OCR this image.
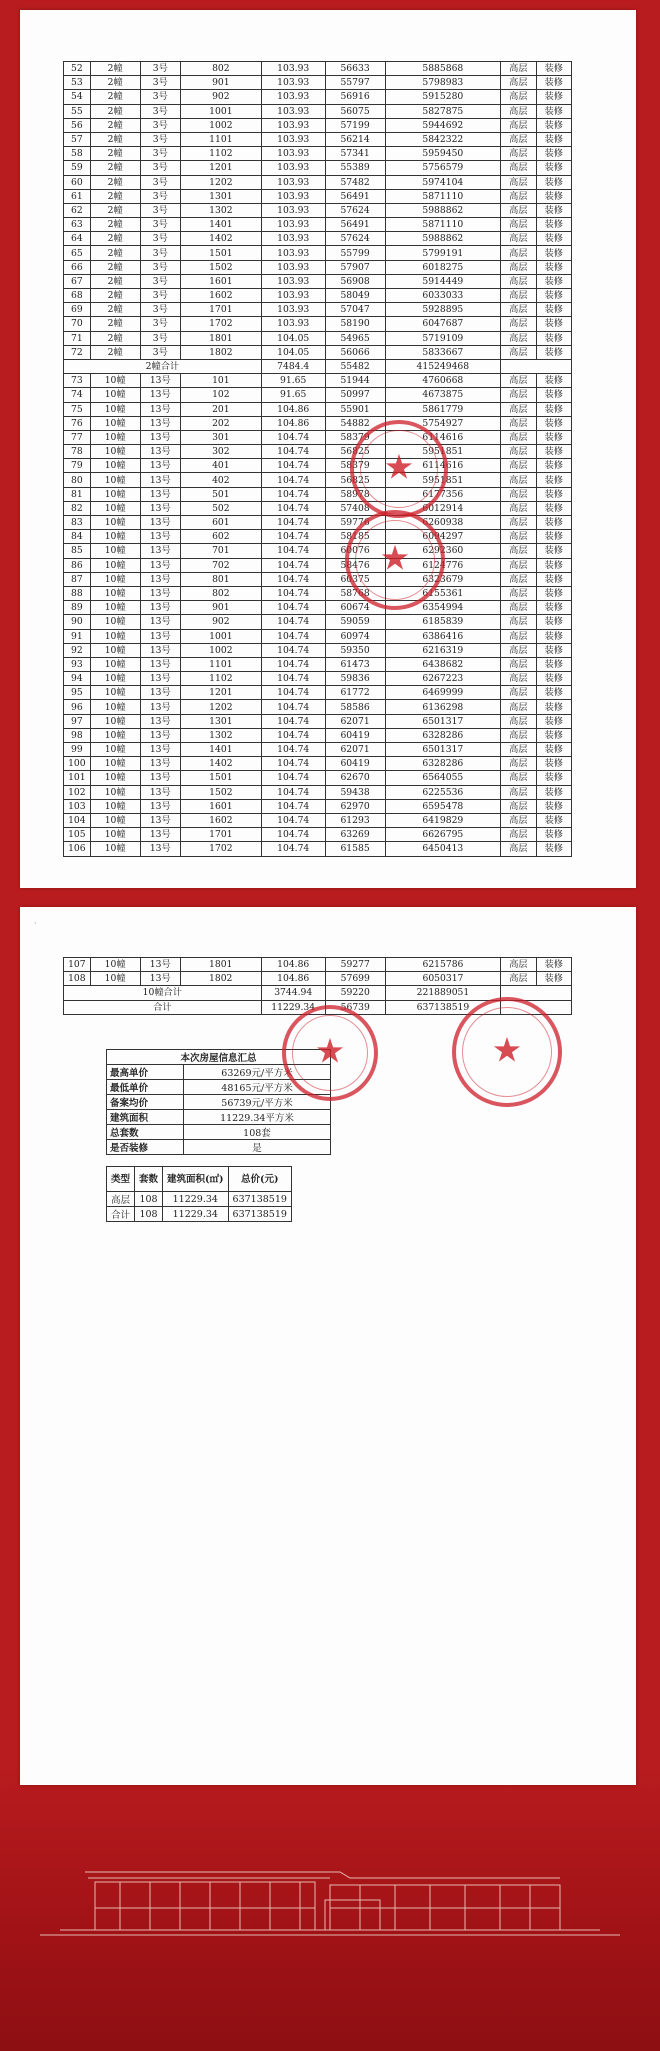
52	2幢	3号	802	103.93	56633	5885868	高层	装修
53	2幢	3号	901	103.93	55797	5798983	高层	装修
54	2幢	3号	902	103.93	56916	5915280	高层	装修
55	2幢	3号	1001	103.93	56075	5827875	高层	装修
56	2幢	3号	1002	103.93	57199	5944692	高层	装修
57	2幢	3号	1101	103.93	56214	5842322	高层	装修
58	2幢	3号	1102	103.93	57341	5959450	高层	装修
59	2幢	3号	1201	103.93	55389	5756579	高层	装修
60	2幢	3号	1202	103.93	57482	5974104	高层	装修
61	2幢	3号	1301	103.93	56491	5871110	高层	装修
62	2幢	3号	1302	103.93	57624	5988862	高层	装修
63	2幢	3号	1401	103.93	56491	5871110	高层	装修
64	2幢	3号	1402	103.93	57624	5988862	高层	装修
65	2幢	3号	1501	103.93	55799	5799191	高层	装修
66	2幢	3号	1502	103.93	57907	6018275	高层	装修
67	2幢	3号	1601	103.93	56908	5914449	高层	装修
68	2幢	3号	1602	103.93	58049	6033033	高层	装修
69	2幢	3号	1701	103.93	57047	5928895	高层	装修
70	2幢	3号	1702	103.93	58190	6047687	高层	装修
71	2幢	3号	1801	104.05	54965	5719109	高层	装修
72	2幢	3号	1802	104.05	56066	5833667	高层	装修
2幢合计				7484.4	55482	415249468		
73	10幢	13号	101	91.65	51944	4760668	高层	装修
74	10幢	13号	102	91.65	50997	4673875	高层	装修
75	10幢	13号	201	104.86	55901	5861779	高层	装修
76	10幢	13号	202	104.86	54882	5754927	高层	装修
77	10幢	13号	301	104.74	58379	6114616	高层	装修
78	10幢	13号	302	104.74	56825	5951851	高层	装修
79	10幢	13号	401	104.74	58379	6114616	高层	装修
80	10幢	13号	402	104.74	56825	5951851	高层	装修
81	10幢	13号	501	104.74	58978	6177356	高层	装修
82	10幢	13号	502	104.74	57408	6012914	高层	装修
83	10幢	13号	601	104.74	59776	6260938	高层	装修
84	10幢	13号	602	104.74	58185	6094297	高层	装修
85	10幢	13号	701	104.74	60076	6292360	高层	装修
86	10幢	13号	702	104.74	58476	6124776	高层	装修
87	10幢	13号	801	104.74	60375	6323679	高层	装修
88	10幢	13号	802	104.74	58768	6155361	高层	装修
89	10幢	13号	901	104.74	60674	6354994	高层	装修
90	10幢	13号	902	104.74	59059	6185839	高层	装修
91	10幢	13号	1001	104.74	60974	6386416	高层	装修
92	10幢	13号	1002	104.74	59350	6216319	高层	装修
93	10幢	13号	1101	104.74	61473	6438682	高层	装修
94	10幢	13号	1102	104.74	59836	6267223	高层	装修
95	10幢	13号	1201	104.74	61772	6469999	高层	装修
96	10幢	13号	1202	104.74	58586	6136298	高层	装修
97	10幢	13号	1301	104.74	62071	6501317	高层	装修
98	10幢	13号	1302	104.74	60419	6328286	高层	装修
99	10幢	13号	1401	104.74	62071	6501317	高层	装修
100	10幢	13号	1402	104.74	60419	6328286	高层	装修
101	10幢	13号	1501	104.74	62670	6564055	高层	装修
102	10幢	13号	1502	104.74	59438	6225536	高层	装修
103	10幢	13号	1601	104.74	62970	6595478	高层	装修
104	10幢	13号	1602	104.74	61293	6419829	高层	装修
105	10幢	13号	1701	104.74	63269	6626795	高层	装修
106	10幢	13号	1702	104.74	61585	6450413	高层	装修
★
★
·
107	10幢	13号	1801	104.86	59277	6215786	高层	装修
108	10幢	13号	1802	104.86	57699	6050317	高层	装修
10幢合计				3744.94	59220	221889051		
合计				11229.34	56739	637138519		
本次房屋信息汇总	
最高单价	63269元/平方米
最低单价	48165元/平方米
备案均价	56739元/平方米
建筑面积	11229.34平方米
总套数	108套
是否装修	是
类型	套数	建筑面积(㎡)	总价(元)
高层	108	11229.34	637138519
合计	108	11229.34	637138519
★	★
